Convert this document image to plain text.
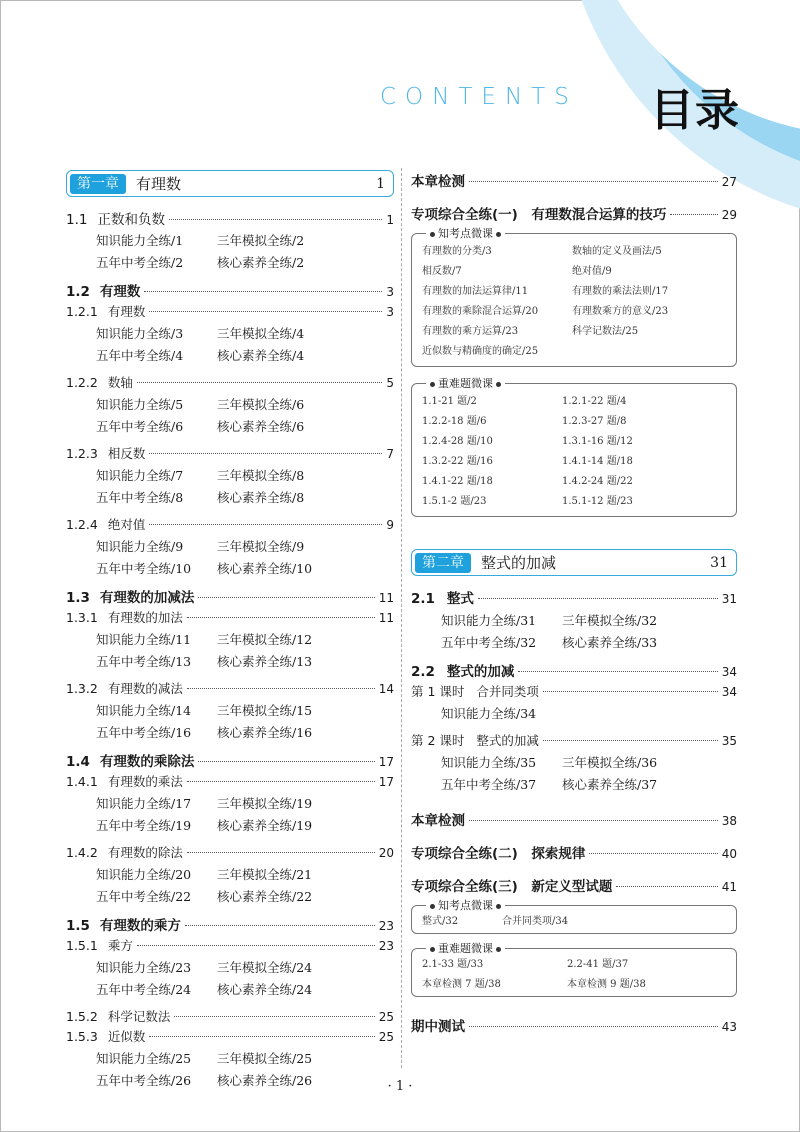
CONTENTS 目录
第一章	有理数	1
1.1 正数和负数	1
知识能力全练/1	三年模拟全练/2
五年中考全练/2	核心素养全练/2
1.2 有理数	3
1.2.1 有理数	3
知识能力全练/3	三年模拟全练/4
五年中考全练/4	核心素养全练/4
1.2.2 数轴	5
知识能力全练/5	三年模拟全练/6
五年中考全练/6	核心素养全练/6
1.2.3 相反数	7
知识能力全练/7	三年模拟全练/8
五年中考全练/8	核心素养全练/8
1.2.4 绝对值	9
知识能力全练/9	三年模拟全练/9
五年中考全练/10	核心素养全练/10
1.3 有理数的加减法	11
1.3.1 有理数的加法	11
知识能力全练/11	三年模拟全练/12
五年中考全练/13	核心素养全练/13
1.3.2 有理数的减法	14
知识能力全练/14	三年模拟全练/15
五年中考全练/16	核心素养全练/16
1.4 有理数的乘除法	17
1.4.1 有理数的乘法	17
知识能力全练/17	三年模拟全练/19
五年中考全练/19	核心素养全练/19
1.4.2 有理数的除法	20
知识能力全练/20	三年模拟全练/21
五年中考全练/22	核心素养全练/22
1.5 有理数的乘方	23
1.5.1 乘方	23
知识能力全练/23	三年模拟全练/24
五年中考全练/24	核心素养全练/24
1.5.2 科学记数法	25
1.5.3 近似数	25
知识能力全练/25	三年模拟全练/25
五年中考全练/26	核心素养全练/26
本章检测	27
专项综合全练(一)　有理数混合运算的技巧	29
知考点微课
有理数的分类/3	数轴的定义及画法/5
相反数/7	绝对值/9
有理数的加法运算律/11	有理数的乘法法则/17
有理数的乘除混合运算/20	有理数乘方的意义/23
有理数的乘方运算/23	科学记数法/25
近似数与精确度的确定/25
重难题微课
1.1-21 题/2	1.2.1-22 题/4
1.2.2-18 题/6	1.2.3-27 题/8
1.2.4-28 题/10	1.3.1-16 题/12
1.3.2-22 题/16	1.4.1-14 题/18
1.4.1-22 题/18	1.4.2-24 题/22
1.5.1-2 题/23	1.5.1-12 题/23
第二章	整式的加减	31
2.1 整式	31
知识能力全练/31	三年模拟全练/32
五年中考全练/32	核心素养全练/33
2.2 整式的加减	34
第 1 课时 合并同类项	34
知识能力全练/34
第 2 课时 整式的加减	35
知识能力全练/35	三年模拟全练/36
五年中考全练/37	核心素养全练/37
本章检测	38
专项综合全练(二)　探索规律	40
专项综合全练(三)　新定义型试题	41
知考点微课
整式/32	合并同类项/34
重难题微课
2.1-33 题/33	2.2-41 题/37
本章检测 7 题/38	本章检测 9 题/38
期中测试	43
· 1 ·
